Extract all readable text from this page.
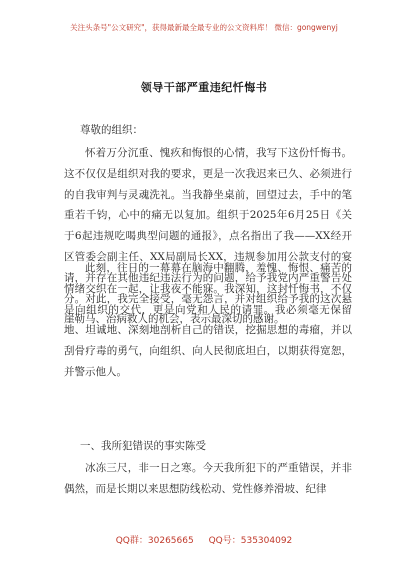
关注头条号"公文研究"，获得最新最全最专业的公文资料库！ 微信：gongwenyj
领导干部严重违纪忏悔书
尊敬的组织：

怀着万分沉重、愧疚和悔恨的心情，我写下这份忏悔书。这不仅仅是组织对我的要求，更是一次我迟来已久、必须进行的自我审判与灵魂洗礼。当我静坐桌前，回望过去，手中的笔重若千钧，心中的痛无以复加。组织于2025年6月25日《关于6起违规吃喝典型问题的通报》，点名指出了我——XX经开区管委会副主任、XX局副局长XX，违规参加用公款支付的宴请，并存在其他违纪违法行为的问题，给予我党内严重警告处分。对此，我完全接受，毫无怨言，并对组织给予我的这次悬崖勒马、治病救人的机会，表示最深切的感谢。

此刻，往日的一幕幕在脑海中翻腾，羞愧、悔恨、痛苦的情绪交织在一起，让我夜不能寐。我深知，这封忏悔书，不仅是向组织的交代，更是向党和人民的请罪。我必须毫无保留地、坦诚地、深刻地剖析自己的错误，挖掘思想的毒瘤，并以刮骨疗毒的勇气，向组织、向人民彻底坦白，以期获得宽恕，并警示他人。

一、我所犯错误的事实陈受

冰冻三尺，非一日之寒。今天我所犯下的严重错误，并非偶然，而是长期以来思想防线松动、党性修养滑坡、纪律

QQ群：30265665 QQ号：535304092
